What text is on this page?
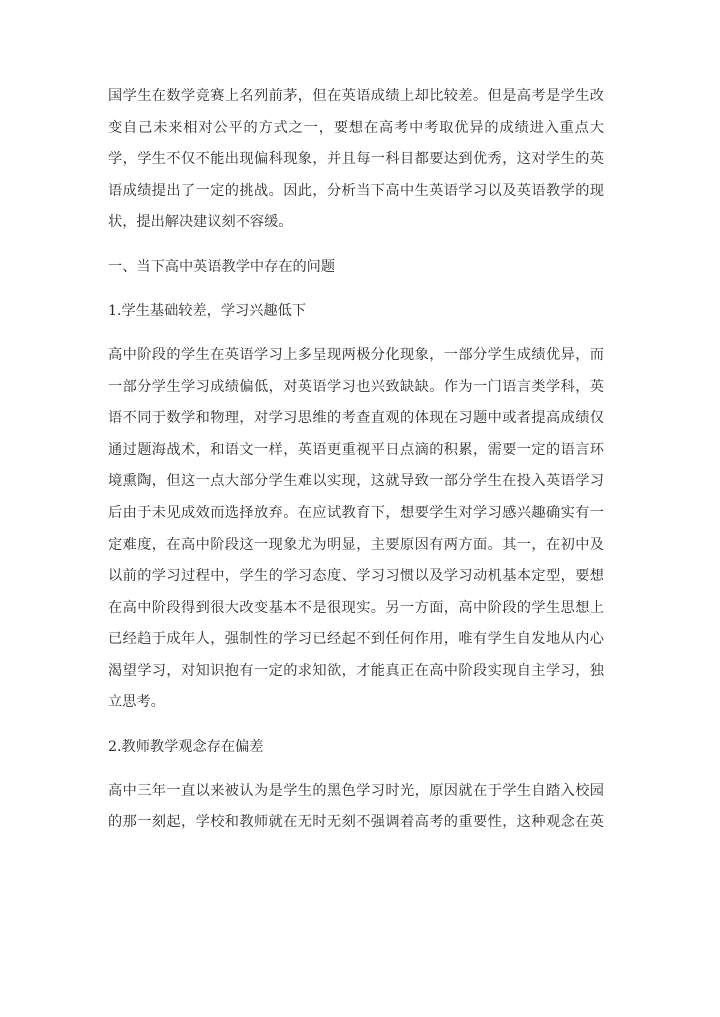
国学生在数学竞赛上名列前茅，但在英语成绩上却比较差。但是高考是学生改
变自己未来相对公平的方式之一，要想在高考中考取优异的成绩进入重点大
学，学生不仅不能出现偏科现象，并且每一科目都要达到优秀，这对学生的英
语成绩提出了一定的挑战。因此，分析当下高中生英语学习以及英语教学的现
状，提出解决建议刻不容缓。
一、当下高中英语教学中存在的问题
1.学生基础较差，学习兴趣低下
高中阶段的学生在英语学习上多呈现两极分化现象，一部分学生成绩优异，而
一部分学生学习成绩偏低，对英语学习也兴致缺缺。作为一门语言类学科，英
语不同于数学和物理，对学习思维的考查直观的体现在习题中或者提高成绩仅
通过题海战术，和语文一样，英语更重视平日点滴的积累，需要一定的语言环
境熏陶，但这一点大部分学生难以实现，这就导致一部分学生在投入英语学习
后由于未见成效而选择放弃。在应试教育下，想要学生对学习感兴趣确实有一
定难度，在高中阶段这一现象尤为明显，主要原因有两方面。其一，在初中及
以前的学习过程中，学生的学习态度、学习习惯以及学习动机基本定型，要想
在高中阶段得到很大改变基本不是很现实。另一方面，高中阶段的学生思想上
已经趋于成年人，强制性的学习已经起不到任何作用，唯有学生自发地从内心
渴望学习，对知识抱有一定的求知欲，才能真正在高中阶段实现自主学习，独
立思考。
2.教师教学观念存在偏差
高中三年一直以来被认为是学生的黑色学习时光，原因就在于学生自踏入校园
的那一刻起，学校和教师就在无时无刻不强调着高考的重要性，这种观念在英
